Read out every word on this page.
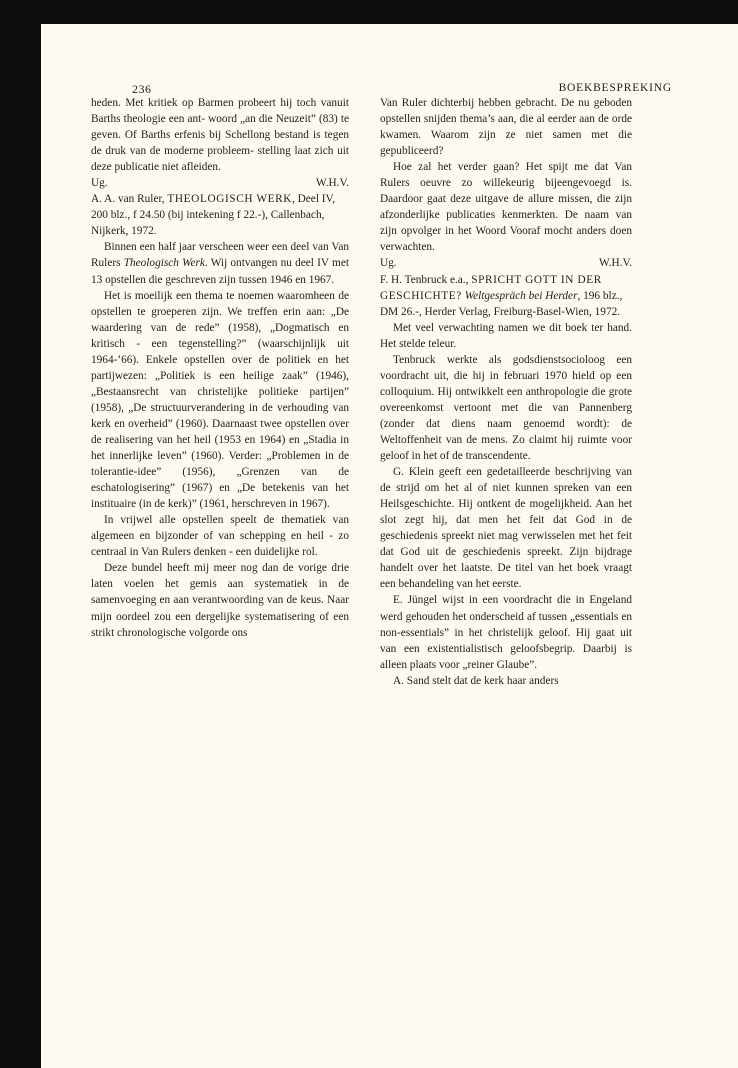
236	BOEKBESPREKING

heden. Met kritiek op Barmen probeert hij toch vanuit Barths theologie een ant- woord „an die Neuzeit” (83) te geven. Of Barths erfenis bij Schellong bestand is tegen de druk van de moderne probleem- stelling laat zich uit deze publicatie niet afleiden.

Ug.	W.H.V.

A. A. van Ruler, THEOLOGISCH WERK, Deel IV, 200 blz., f 24.50 (bij intekening f 22.-), Callenbach, Nijkerk, 1972.

Binnen een half jaar verscheen weer een deel van Van Rulers Theologisch Werk. Wij ontvangen nu deel IV met 13 opstellen die geschreven zijn tussen 1946 en 1967.

Het is moeilijk een thema te noemen waaromheen de opstellen te groeperen zijn. We treffen erin aan: „De waardering van de rede” (1958), „Dogmatisch en kritisch - een tegenstelling?” (waarschijnlijk uit 1964-’66). Enkele opstellen over de politiek en het partijwezen: „Politiek is een heilige zaak” (1946), „Bestaansrecht van christelijke politieke partijen” (1958), „De structuurverandering in de verhouding van kerk en overheid” (1960). Daarnaast twee opstellen over de realisering van het heil (1953 en 1964) en „Stadia in het innerlijke leven” (1960). Verder: „Problemen in de tolerantie-idee” (1956), „Grenzen van de eschatologisering” (1967) en „De betekenis van het instituaire (in de kerk)” (1961, herschreven in 1967).

In vrijwel alle opstellen speelt de thematiek van algemeen en bijzonder of van schepping en heil - zo centraal in Van Rulers denken - een duidelijke rol.

Deze bundel heeft mij meer nog dan de vorige drie laten voelen het gemis aan systematiek in de samenvoeging en aan verantwoording van de keus. Naar mijn oordeel zou een dergelijke systematisering of een strikt chronologische volgorde ons

Van Ruler dichterbij hebben gebracht. De nu geboden opstellen snijden thema’s aan, die al eerder aan de orde kwamen. Waarom zijn ze niet samen met die gepubliceerd?

Hoe zal het verder gaan? Het spijt me dat Van Rulers oeuvre zo willekeurig bijeengevoegd is. Daardoor gaat deze uitgave de allure missen, die zijn afzonderlijke publicaties kenmerkten. De naam van zijn opvolger in het Woord Vooraf mocht anders doen verwachten.

Ug.	W.H.V.

F. H. Tenbruck e.a., SPRICHT GOTT IN DER GESCHICHTE? Weltgespräch bei Herder, 196 blz., DM 26.-, Herder Verlag, Freiburg-Basel-Wien, 1972.

Met veel verwachting namen we dit boek ter hand. Het stelde teleur.

Tenbruck werkte als godsdienstsocioloog een voordracht uit, die hij in februari 1970 hield op een colloquium. Hij ontwikkelt een anthropologie die grote overeenkomst vertoont met die van Pannenberg (zonder dat diens naam genoemd wordt): de Weltoffenheit van de mens. Zo claimt hij ruimte voor geloof in het of de transcendente.

G. Klein geeft een gedetailleerde beschrijving van de strijd om het al of niet kunnen spreken van een Heilsgeschichte. Hij ontkent de mogelijkheid. Aan het slot zegt hij, dat men het feit dat God in de geschiedenis spreekt niet mag verwisselen met het feit dat God uit de geschiedenis spreekt. Zijn bijdrage handelt over het laatste. De titel van het boek vraagt een behandeling van het eerste.

E. Jüngel wijst in een voordracht die in Engeland werd gehouden het onderscheid af tussen „essentials en non-essentials” in het christelijk geloof. Hij gaat uit van een existentialistisch geloofsbegrip. Daarbij is alleen plaats voor „reiner Glaube”.

A. Sand stelt dat de kerk haar anders
